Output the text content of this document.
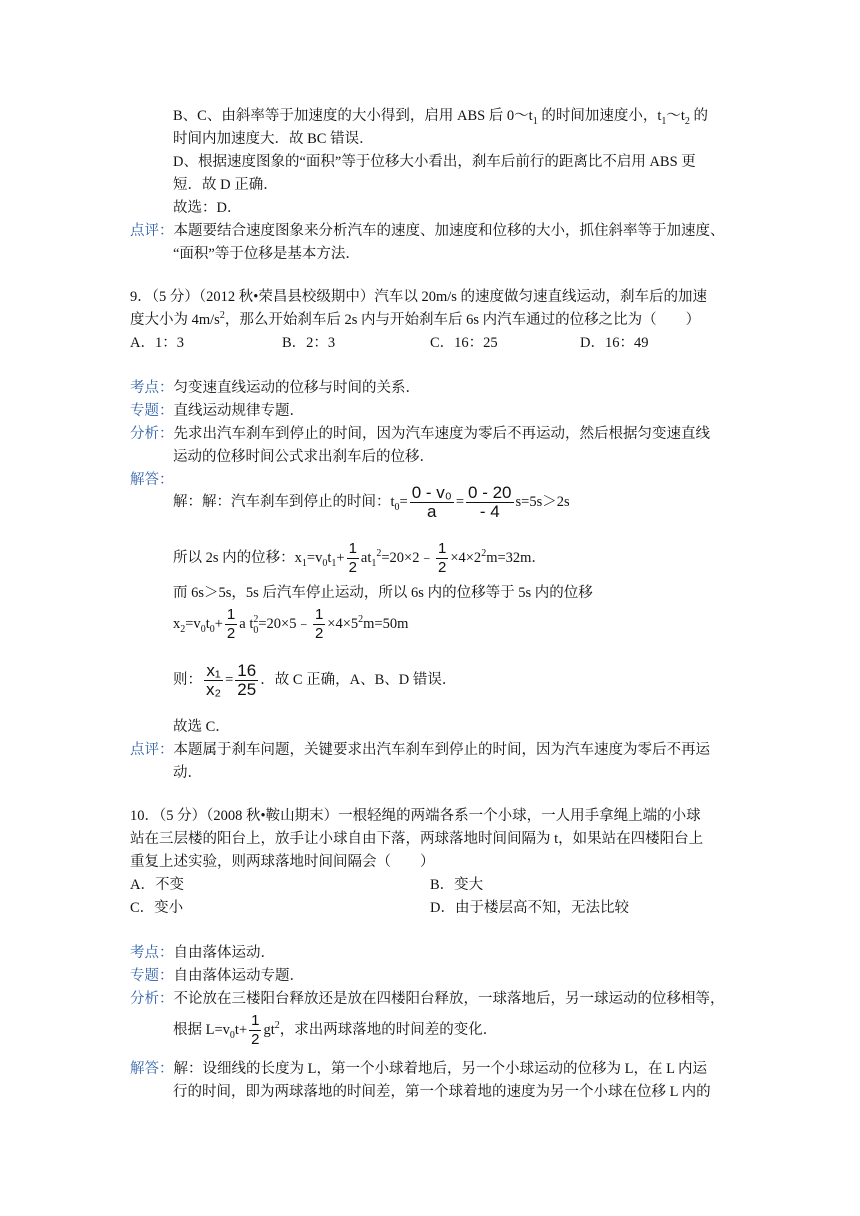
B、C、由斜率等于加速度的大小得到，启用 ABS 后 $0\sim t_1$ 的时间加速度小，$t_1\sim t_2$ 的
时间内加速度大．故 BC 错误．
D、根据速度图象的“面积”等于位移大小看出，刹车后前行的距离比不启用 ABS 更
短．故 D 正确．
故选：D．
点评：本题要结合速度图象来分析汽车的速度、加速度和位移的大小，抓住斜率等于加速度、
“面积”等于位移是基本方法．
9．（5 分）（2012 秋•荣昌县校级期中）汽车以 20m/s 的速度做匀速直线运动，刹车后的加速
度大小为 $4m/s^2$，那么开始刹车后 2s 内与开始刹车后 6s 内汽车通过的位移之比为（　　）
A．1：3	B．2：3	C．16：25	D．16：49
考点：匀变速直线运动的位移与时间的关系．
专题：直线运动规律专题．
分析：先求出汽车刹车到停止的时间，因为汽车速度为零后不再运动，然后根据匀变速直线
运动的位移时间公式求出刹车后的位移．
解答：
解：解：汽车刹车到停止的时间：$t_0= \frac{\text{0 - v₀}}{a} = \frac{0 - 20}{- 4} s=5s>2s$
所以 2s 内的位移：$x_1=v_0t_1+ \frac{1}{2}$ $at_1^2=20\times 2﹣ \frac{1}{2} \times 4\times 2^2m=32m$．
而 6s＞5s，5s 后汽车停止运动，所以 6s 内的位移等于 5s 内的位移
$x_2=v_0t_0+ \frac{1}{2}$ a t 2
0 =20×5﹣ $\frac{1}{2} \times 4\times 5^2m=50m$
则： $\frac{\text{x₁}}{\text{x₂}} = \frac{16}{25}$ ．故 C 正确，A、B、D 错误．
故选 C．
点评：本题属于刹车问题，关键要求出汽车刹车到停止的时间，因为汽车速度为零后不再运
动．
10．（5 分）（2008 秋•鞍山期末）一根轻绳的两端各系一个小球，一人用手拿绳上端的小球
站在三层楼的阳台上，放手让小球自由下落，两球落地时间间隔为 t，如果站在四楼阳台上
重复上述实验，则两球落地时间间隔会（　　）
A．不变	B．变大
C．变小	D．由于楼层高不知，无法比较
考点：自由落体运动．
专题：自由落体运动专题．
分析：不论放在三楼阳台释放还是放在四楼阳台释放，一球落地后，另一球运动的位移相等，
根据 $L=v_0t+ \frac{1}{2} gt^2$，求出两球落地的时间差的变化．
解答：解：设细线的长度为 L，第一个小球着地后，另一个小球运动的位移为 L，在 L 内运
行的时间，即为两球落地的时间差，第一个球着地的速度为另一个小球在位移 L 内的
